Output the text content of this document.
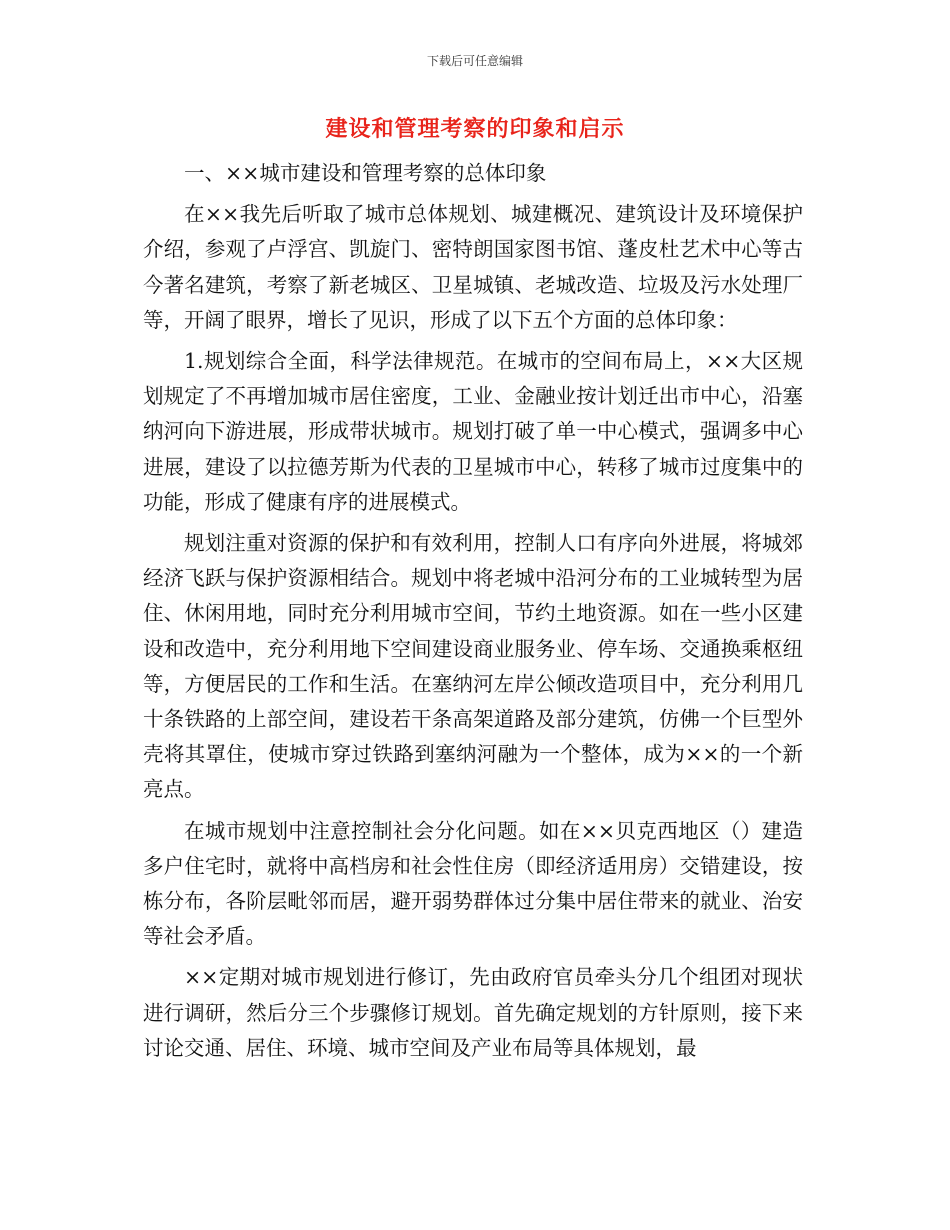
下载后可任意编辑
建设和管理考察的印象和启示

一、××城市建设和管理考察的总体印象

在××我先后听取了城市总体规划、城建概况、建筑设计及环境保护介绍，参观了卢浮宫、凯旋门、密特朗国家图书馆、蓬皮杜艺术中心等古今著名建筑，考察了新老城区、卫星城镇、老城改造、垃圾及污水处理厂等，开阔了眼界，增长了见识，形成了以下五个方面的总体印象：

1.规划综合全面，科学法律规范。在城市的空间布局上，××大区规划规定了不再增加城市居住密度，工业、金融业按计划迁出市中心，沿塞纳河向下游进展，形成带状城市。规划打破了单一中心模式，强调多中心进展，建设了以拉德芳斯为代表的卫星城市中心，转移了城市过度集中的功能，形成了健康有序的进展模式。

规划注重对资源的保护和有效利用，控制人口有序向外进展，将城郊经济飞跃与保护资源相结合。规划中将老城中沿河分布的工业城转型为居住、休闲用地，同时充分利用城市空间，节约土地资源。如在一些小区建设和改造中，充分利用地下空间建设商业服务业、停车场、交通换乘枢纽等，方便居民的工作和生活。在塞纳河左岸公倾改造项目中，充分利用几十条铁路的上部空间，建设若干条高架道路及部分建筑，仿佛一个巨型外壳将其罩住，使城市穿过铁路到塞纳河融为一个整体，成为××的一个新亮点。

在城市规划中注意控制社会分化问题。如在××贝克西地区（）建造多户住宅时，就将中高档房和社会性住房（即经济适用房）交错建设，按栋分布，各阶层毗邻而居，避开弱势群体过分集中居住带来的就业、治安等社会矛盾。

××定期对城市规划进行修订，先由政府官员牵头分几个组团对现状进行调研，然后分三个步骤修订规划。首先确定规划的方针原则，接下来讨论交通、居住、环境、城市空间及产业布局等具体规划，最
